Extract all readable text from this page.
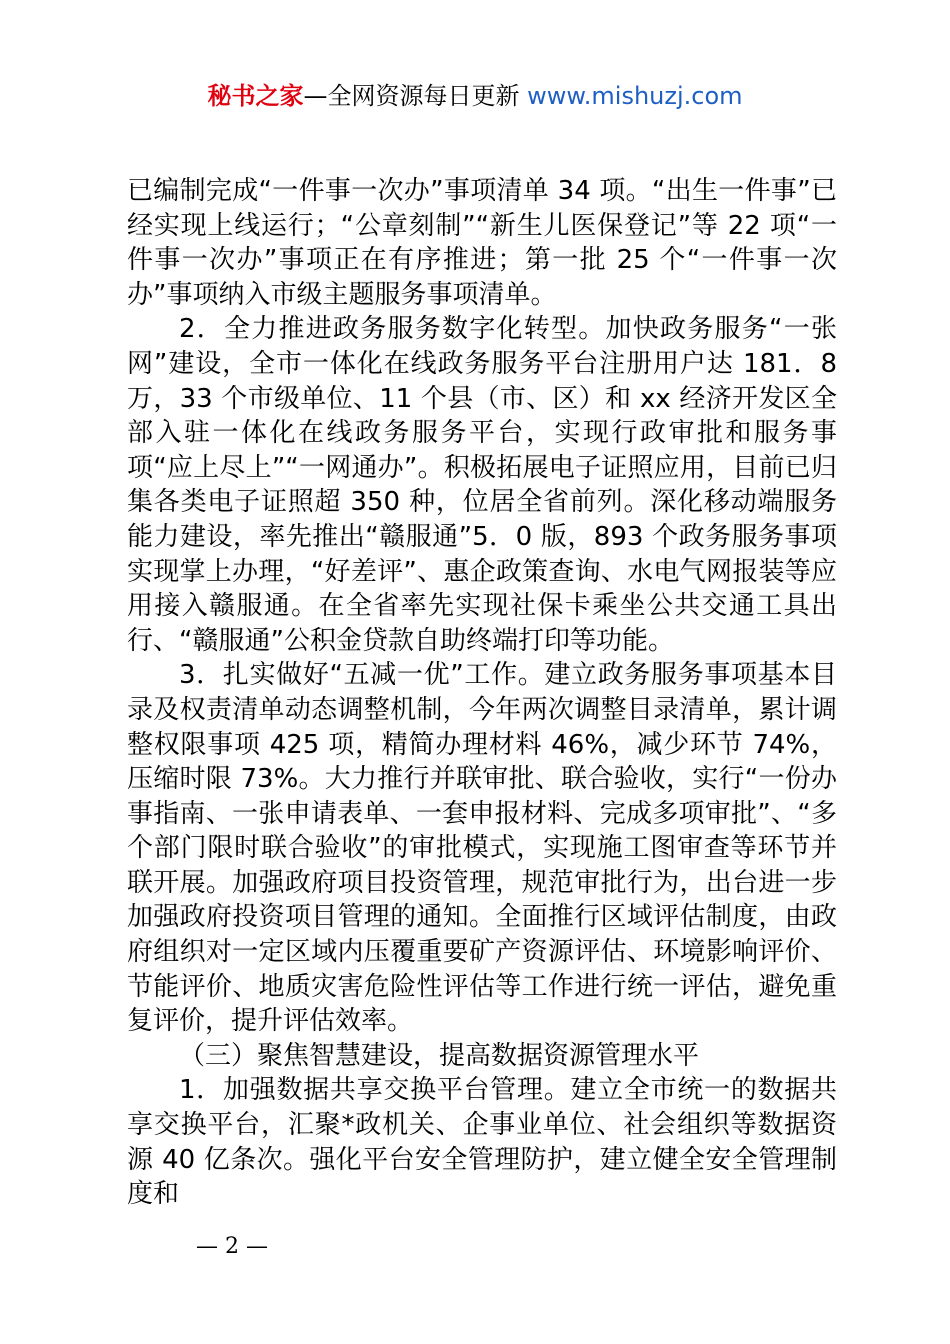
秘书之家—全网资源每日更新 www.mishuzj.com

已编制完成“一件事一次办”事项清单 34 项。“出生一件事”已经实现上线运行；“公章刻制”“新生儿医保登记”等 22 项“一件事一次办”事项正在有序推进；第一批 25 个“一件事一次办”事项纳入市级主题服务事项清单。

2．全力推进政务服务数字化转型。加快政务服务“一张网”建设，全市一体化在线政务服务平台注册用户达 181．8万，33 个市级单位、11 个县（市、区）和 xx 经济开发区全部入驻一体化在线政务服务平台，实现行政审批和服务事项“应上尽上”“一网通办”。积极拓展电子证照应用，目前已归集各类电子证照超 350 种，位居全省前列。深化移动端服务能力建设，率先推出“赣服通”5．0 版，893 个政务服务事项实现掌上办理，“好差评”、惠企政策查询、水电气网报装等应用接入赣服通。在全省率先实现社保卡乘坐公共交通工具出行、“赣服通”公积金贷款自助终端打印等功能。

3．扎实做好“五减一优”工作。建立政务服务事项基本目录及权责清单动态调整机制，今年两次调整目录清单，累计调整权限事项 425 项，精简办理材料 46%，减少环节 74%，压缩时限 73%。大力推行并联审批、联合验收，实行“一份办事指南、一张申请表单、一套申报材料、完成多项审批”、“多个部门限时联合验收”的审批模式，实现施工图审查等环节并联开展。加强政府项目投资管理，规范审批行为，出台进一步加强政府投资项目管理的通知。全面推行区域评估制度，由政府组织对一定区域内压覆重要矿产资源评估、环境影响评价、节能评价、地质灾害危险性评估等工作进行统一评估，避免重复评价，提升评估效率。

（三）聚焦智慧建设，提高数据资源管理水平

1．加强数据共享交换平台管理。建立全市统一的数据共享交换平台，汇聚*政机关、企事业单位、社会组织等数据资源 40 亿条次。强化平台安全管理防护，建立健全安全管理制度和

— 2 —
